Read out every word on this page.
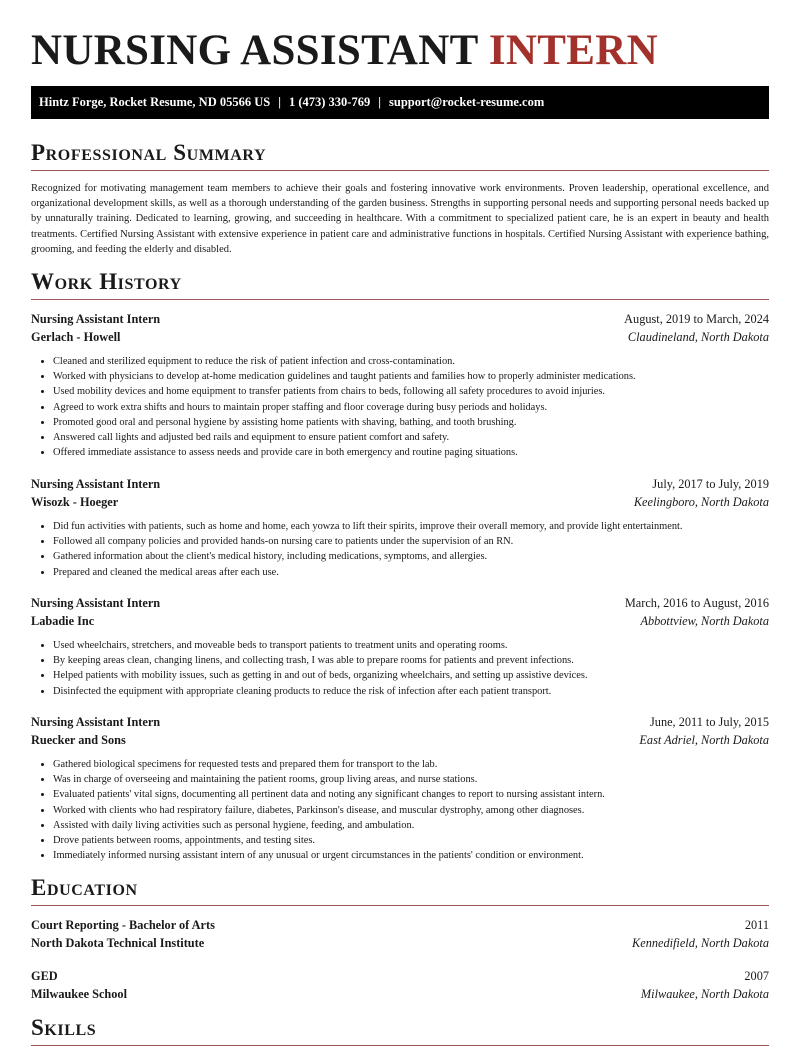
NURSING ASSISTANT INTERN
Hintz Forge, Rocket Resume, ND 05566 US | 1 (473) 330-769 | support@rocket-resume.com
Professional Summary

Recognized for motivating management team members to achieve their goals and fostering innovative work environments. Proven leadership, operational excellence, and organizational development skills, as well as a thorough understanding of the garden business. Strengths in supporting personal needs and supporting personal needs backed up by unnaturally training. Dedicated to learning, growing, and succeeding in healthcare. With a commitment to specialized patient care, he is an expert in beauty and health treatments. Certified Nursing Assistant with extensive experience in patient care and administrative functions in hospitals. Certified Nursing Assistant with experience bathing, grooming, and feeding the elderly and disabled.

Work History
Nursing Assistant Intern	August, 2019 to March, 2024
Gerlach - Howell	Claudineland, North Dakota
• Cleaned and sterilized equipment to reduce the risk of patient infection and cross-contamination.
• Worked with physicians to develop at-home medication guidelines and taught patients and families how to properly administer medications.
• Used mobility devices and home equipment to transfer patients from chairs to beds, following all safety procedures to avoid injuries.
• Agreed to work extra shifts and hours to maintain proper staffing and floor coverage during busy periods and holidays.
• Promoted good oral and personal hygiene by assisting home patients with shaving, bathing, and tooth brushing.
• Answered call lights and adjusted bed rails and equipment to ensure patient comfort and safety.
• Offered immediate assistance to assess needs and provide care in both emergency and routine paging situations.
Nursing Assistant Intern	July, 2017 to July, 2019
Wisozk - Hoeger	Keelingboro, North Dakota
• Did fun activities with patients, such as home and home, each yowza to lift their spirits, improve their overall memory, and provide light entertainment.
• Followed all company policies and provided hands-on nursing care to patients under the supervision of an RN.
• Gathered information about the client's medical history, including medications, symptoms, and allergies.
• Prepared and cleaned the medical areas after each use.
Nursing Assistant Intern	March, 2016 to August, 2016
Labadie Inc	Abbottview, North Dakota
• Used wheelchairs, stretchers, and moveable beds to transport patients to treatment units and operating rooms.
• By keeping areas clean, changing linens, and collecting trash, I was able to prepare rooms for patients and prevent infections.
• Helped patients with mobility issues, such as getting in and out of beds, organizing wheelchairs, and setting up assistive devices.
• Disinfected the equipment with appropriate cleaning products to reduce the risk of infection after each patient transport.
Nursing Assistant Intern	June, 2011 to July, 2015
Ruecker and Sons	East Adriel, North Dakota
• Gathered biological specimens for requested tests and prepared them for transport to the lab.
• Was in charge of overseeing and maintaining the patient rooms, group living areas, and nurse stations.
• Evaluated patients' vital signs, documenting all pertinent data and noting any significant changes to report to nursing assistant intern.
• Worked with clients who had respiratory failure, diabetes, Parkinson's disease, and muscular dystrophy, among other diagnoses.
• Assisted with daily living activities such as personal hygiene, feeding, and ambulation.
• Drove patients between rooms, appointments, and testing sites.
• Immediately informed nursing assistant intern of any unusual or urgent circumstances in the patients' condition or environment.
Education
Court Reporting - Bachelor of Arts	2011
North Dakota Technical Institute	Kennedifield, North Dakota
GED	2007
Milwaukee School	Milwaukee, North Dakota
Skills
